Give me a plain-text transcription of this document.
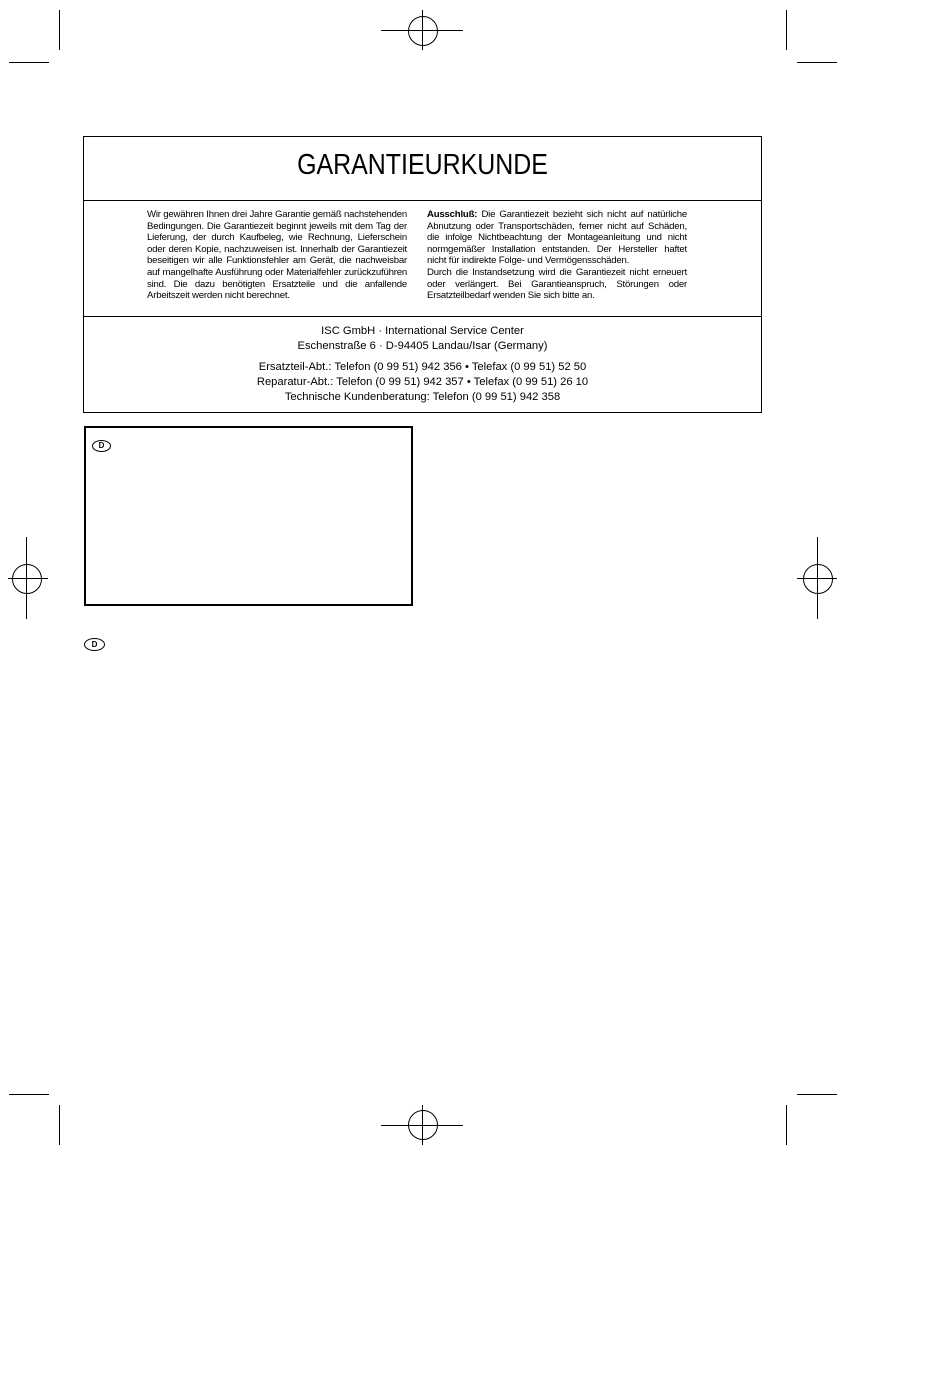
GARANTIEURKUNDE
Wir gewähren Ihnen drei Jahre Garantie gemäß nachstehenden Bedingungen. Die Garantiezeit beginnt jeweils mit dem Tag der Lieferung, der durch Kaufbeleg, wie Rechnung, Lieferschein oder deren Kopie, nachzuweisen ist. Innerhalb der Garantiezeit beseitigen wir alle Funktionsfehler am Gerät, die nachweisbar auf mangelhafte Ausführung oder Materialfehler zurückzuführen sind. Die dazu benötigten Ersatzteile und die anfallende Arbeitszeit werden nicht berechnet.
Ausschluß: Die Garantiezeit bezieht sich nicht auf natürliche Abnutzung oder Transportschäden, ferner nicht auf Schäden, die infolge Nichtbeachtung der Montageanleitung und nicht normgemäßer Installation entstanden. Der Hersteller haftet nicht für indirekte Folge- und Vermögensschäden.
Durch die Instandsetzung wird die Garantiezeit nicht erneuert oder verlängert. Bei Garantieanspruch, Störungen oder Ersatzteilbedarf wenden Sie sich bitte an.
ISC GmbH · International Service Center
Eschenstraße 6 · D-94405 Landau/Isar (Germany)
Ersatzteil-Abt.: Telefon (0 99 51) 942 356 • Telefax (0 99 51) 52 50
Reparatur-Abt.: Telefon (0 99 51) 942 357 • Telefax (0 99 51) 26 10
Technische Kundenberatung: Telefon (0 99 51) 942 358
D
D
